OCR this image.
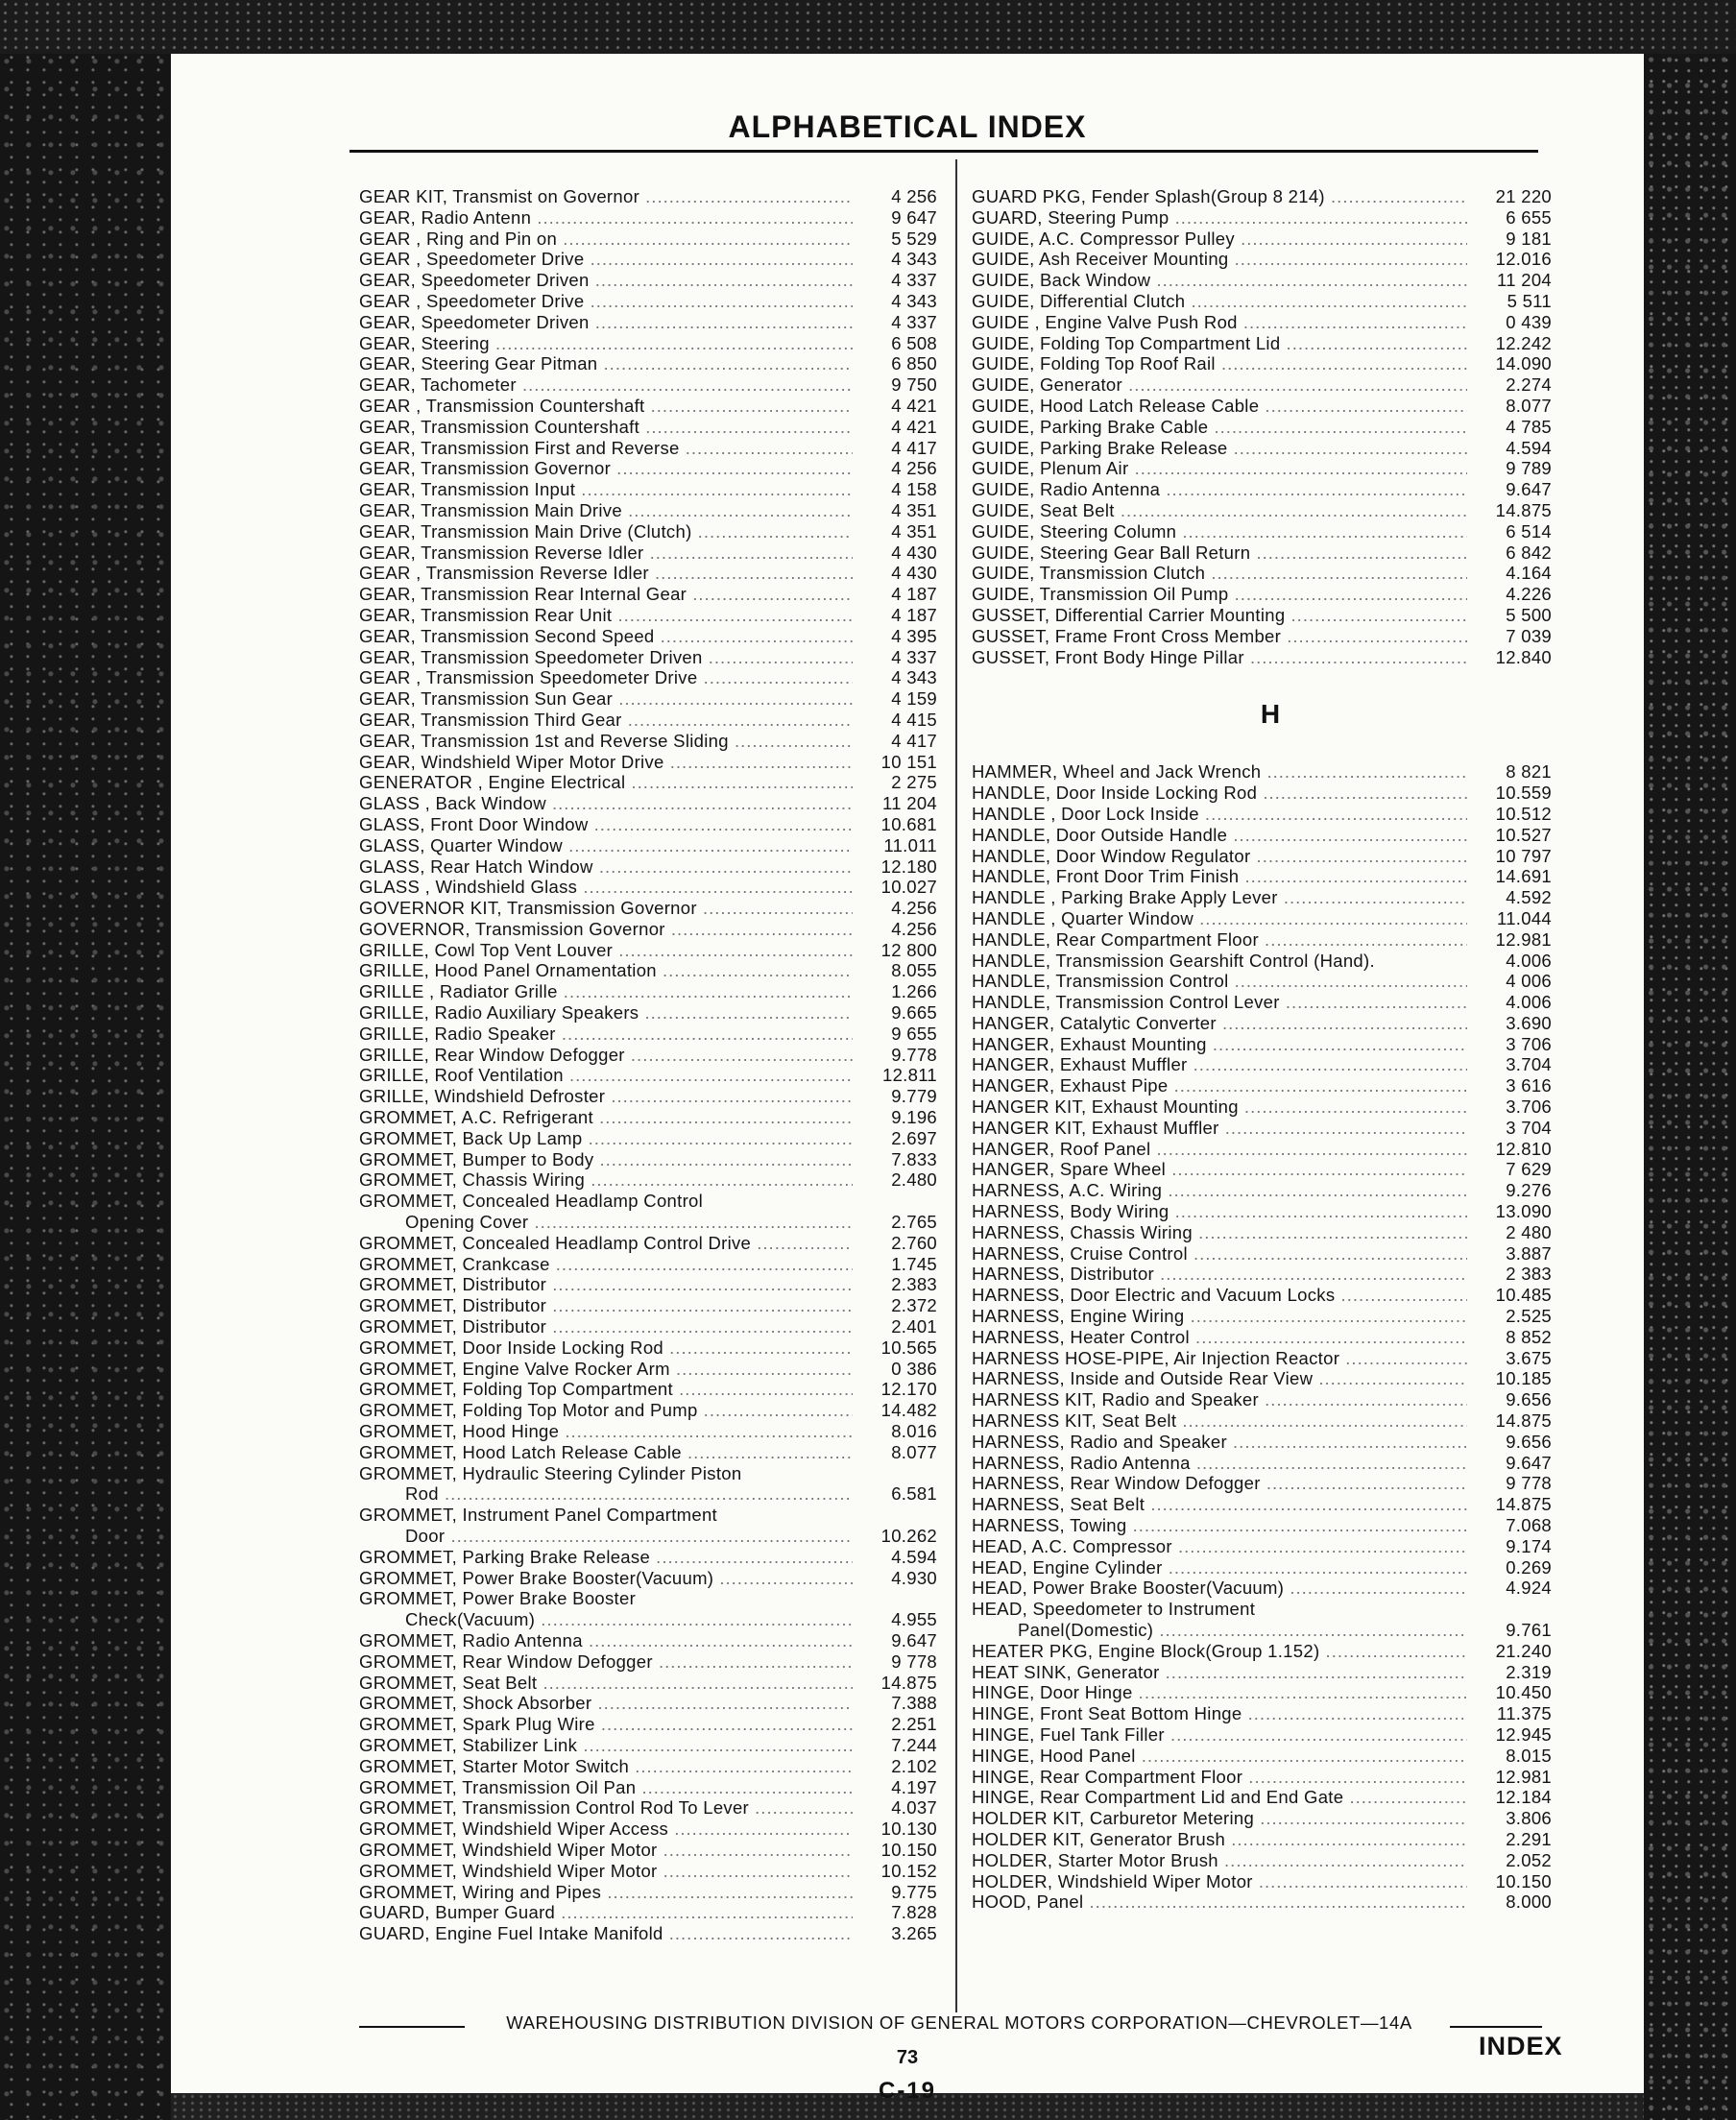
ALPHABETICAL INDEX
GEAR KIT, Transmist on Governor .....	4 256
GEAR, Radio Antenn .....	9 647
GEAR , Ring and Pin on .....	5 529
GEAR , Speedometer Drive .....	4 343
GEAR, Speedometer Driven .....	4 337
GEAR , Speedometer Drive .....	4 343
GEAR, Speedometer Driven .....	4 337
GEAR, Steering .....	6 508
GEAR, Steering Gear Pitman .....	6 850
GEAR, Tachometer .....	9 750
GEAR , Transmission Countershaft .....	4 421
GEAR, Transmission Countershaft .....	4 421
GEAR, Transmission First and Reverse .....	4 417
GEAR, Transmission Governor .....	4 256
GEAR, Transmission Input .....	4 158
GEAR, Transmission Main Drive .....	4 351
GEAR, Transmission Main Drive (Clutch) .....	4 351
GEAR, Transmission Reverse Idler .....	4 430
GEAR , Transmission Reverse Idler .....	4 430
GEAR, Transmission Rear Internal Gear .....	4 187
GEAR, Transmission Rear Unit .....	4 187
GEAR, Transmission Second Speed .....	4 395
GEAR, Transmission Speedometer Driven .....	4 337
GEAR , Transmission Speedometer Drive .....	4 343
GEAR, Transmission Sun Gear .....	4 159
GEAR, Transmission Third Gear .....	4 415
GEAR, Transmission 1st and Reverse Sliding .....	4 417
GEAR, Windshield Wiper Motor Drive .....	10 151
GENERATOR , Engine Electrical .....	2 275
GLASS , Back Window .....	11 204
GLASS, Front Door Window .....	10.681
GLASS, Quarter Window .....	11.011
GLASS, Rear Hatch Window .....	12.180
GLASS , Windshield Glass .....	10.027
GOVERNOR KIT, Transmission Governor .....	4.256
GOVERNOR, Transmission Governor .....	4.256
GRILLE, Cowl Top Vent Louver .....	12 800
GRILLE, Hood Panel Ornamentation .....	8.055
GRILLE , Radiator Grille .....	1.266
GRILLE, Radio Auxiliary Speakers .....	9.665
GRILLE, Radio Speaker .....	9 655
GRILLE, Rear Window Defogger .....	9.778
GRILLE, Roof Ventilation .....	12.811
GRILLE, Windshield Defroster .....	9.779
GROMMET, A.C. Refrigerant .....	9.196
GROMMET, Back Up Lamp .....	2.697
GROMMET, Bumper to Body .....	7.833
GROMMET, Chassis Wiring .....	2.480
GROMMET, Concealed Headlamp Control
Opening Cover .....	2.765
GROMMET, Concealed Headlamp Control Drive .....	2.760
GROMMET, Crankcase .....	1.745
GROMMET, Distributor .....	2.383
GROMMET, Distributor .....	2.372
GROMMET, Distributor .....	2.401
GROMMET, Door Inside Locking Rod .....	10.565
GROMMET, Engine Valve Rocker Arm .....	0 386
GROMMET, Folding Top Compartment .....	12.170
GROMMET, Folding Top Motor and Pump .....	14.482
GROMMET, Hood Hinge .....	8.016
GROMMET, Hood Latch Release Cable .....	8.077
GROMMET, Hydraulic Steering Cylinder Piston
Rod .....	6.581
GROMMET, Instrument Panel Compartment
Door .....	10.262
GROMMET, Parking Brake Release .....	4.594
GROMMET, Power Brake Booster(Vacuum) .....	4.930
GROMMET, Power Brake Booster
Check(Vacuum) .....	4.955
GROMMET, Radio Antenna .....	9.647
GROMMET, Rear Window Defogger .....	9 778
GROMMET, Seat Belt .....	14.875
GROMMET, Shock Absorber .....	7.388
GROMMET, Spark Plug Wire .....	2.251
GROMMET, Stabilizer Link .....	7.244
GROMMET, Starter Motor Switch .....	2.102
GROMMET, Transmission Oil Pan .....	4.197
GROMMET, Transmission Control Rod To Lever .....	4.037
GROMMET, Windshield Wiper Access .....	10.130
GROMMET, Windshield Wiper Motor .....	10.150
GROMMET, Windshield Wiper Motor .....	10.152
GROMMET, Wiring and Pipes .....	9.775
GUARD, Bumper Guard .....	7.828
GUARD, Engine Fuel Intake Manifold .....	3.265
GUARD PKG, Fender Splash(Group 8 214) .....	21 220
GUARD, Steering Pump .....	6 655
GUIDE, A.C. Compressor Pulley .....	9 181
GUIDE, Ash Receiver Mounting .....	12.016
GUIDE, Back Window .....	11 204
GUIDE, Differential Clutch .....	5 511
GUIDE , Engine Valve Push Rod .....	0 439
GUIDE, Folding Top Compartment Lid .....	12.242
GUIDE, Folding Top Roof Rail .....	14.090
GUIDE, Generator .....	2.274
GUIDE, Hood Latch Release Cable .....	8.077
GUIDE, Parking Brake Cable .....	4 785
GUIDE, Parking Brake Release .....	4.594
GUIDE, Plenum Air .....	9 789
GUIDE, Radio Antenna .....	9.647
GUIDE, Seat Belt .....	14.875
GUIDE, Steering Column .....	6 514
GUIDE, Steering Gear Ball Return .....	6 842
GUIDE, Transmission Clutch .....	4.164
GUIDE, Transmission Oil Pump .....	4.226
GUSSET, Differential Carrier Mounting .....	5 500
GUSSET, Frame Front Cross Member .....	7 039
GUSSET, Front Body Hinge Pillar .....	12.840
H
HAMMER, Wheel and Jack Wrench .....	8 821
HANDLE, Door Inside Locking Rod .....	10.559
HANDLE , Door Lock Inside .....	10.512
HANDLE, Door Outside Handle .....	10.527
HANDLE, Door Window Regulator .....	10 797
HANDLE, Front Door Trim Finish .....	14.691
HANDLE , Parking Brake Apply Lever .....	4.592
HANDLE , Quarter Window .....	11.044
HANDLE, Rear Compartment Floor .....	12.981
HANDLE, Transmission Gearshift Control (Hand).	4.006
HANDLE, Transmission Control .....	4 006
HANDLE, Transmission Control Lever .....	4.006
HANGER, Catalytic Converter .....	3.690
HANGER, Exhaust Mounting .....	3 706
HANGER, Exhaust Muffler .....	3.704
HANGER, Exhaust Pipe .....	3 616
HANGER KIT, Exhaust Mounting .....	3.706
HANGER KIT, Exhaust Muffler .....	3 704
HANGER, Roof Panel .....	12.810
HANGER, Spare Wheel .....	7 629
HARNESS, A.C. Wiring .....	9.276
HARNESS, Body Wiring .....	13.090
HARNESS, Chassis Wiring .....	2 480
HARNESS, Cruise Control .....	3.887
HARNESS, Distributor .....	2 383
HARNESS, Door Electric and Vacuum Locks .....	10.485
HARNESS, Engine Wiring .....	2.525
HARNESS, Heater Control .....	8 852
HARNESS HOSE-PIPE, Air Injection Reactor .....	3.675
HARNESS, Inside and Outside Rear View .....	10.185
HARNESS KIT, Radio and Speaker .....	9.656
HARNESS KIT, Seat Belt .....	14.875
HARNESS, Radio and Speaker .....	9.656
HARNESS, Radio Antenna .....	9.647
HARNESS, Rear Window Defogger .....	9 778
HARNESS, Seat Belt .....	14.875
HARNESS, Towing .....	7.068
HEAD, A.C. Compressor .....	9.174
HEAD, Engine Cylinder .....	0.269
HEAD, Power Brake Booster(Vacuum) .....	4.924
HEAD, Speedometer to Instrument
Panel(Domestic) .....	9.761
HEATER PKG, Engine Block(Group 1.152) .....	21.240
HEAT SINK, Generator .....	2.319
HINGE, Door Hinge .....	10.450
HINGE, Front Seat Bottom Hinge .....	11.375
HINGE, Fuel Tank Filler .....	12.945
HINGE, Hood Panel .....	8.015
HINGE, Rear Compartment Floor .....	12.981
HINGE, Rear Compartment Lid and End Gate .....	12.184
HOLDER KIT, Carburetor Metering .....	3.806
HOLDER KIT, Generator Brush .....	2.291
HOLDER, Starter Motor Brush .....	2.052
HOLDER, Windshield Wiper Motor .....	10.150
HOOD, Panel .....	8.000
WAREHOUSING DISTRIBUTION DIVISION OF GENERAL MOTORS CORPORATION—CHEVROLET—14A
INDEX
73
C-19
